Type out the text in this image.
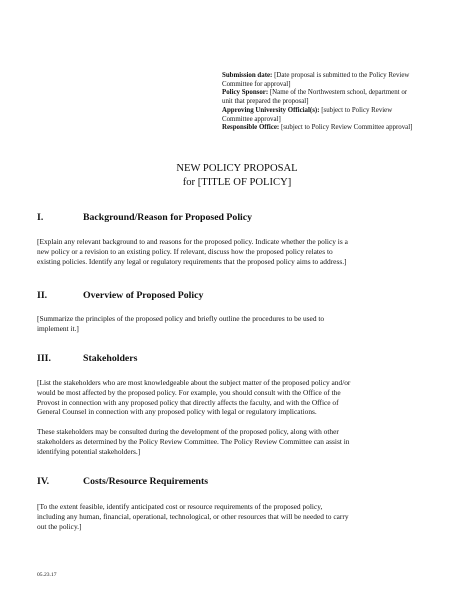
Submission date: [Date proposal is submitted to the Policy Review
Committee for approval]
Policy Sponsor: [Name of the Northwestern school, department or
unit that prepared the proposal]
Approving University Official(s): [subject to Policy Review
Committee approval]
Responsible Office: [subject to Policy Review Committee approval]
NEW POLICY PROPOSAL
for [TITLE OF POLICY]
I.	Background/Reason for Proposed Policy
[Explain any relevant background to and reasons for the proposed policy. Indicate whether the policy is a
new policy or a revision to an existing policy. If relevant, discuss how the proposed policy relates to
existing policies. Identify any legal or regulatory requirements that the proposed policy aims to address.]
II.	Overview of Proposed Policy
[Summarize the principles of the proposed policy and briefly outline the procedures to be used to
implement it.]
III.	Stakeholders
[List the stakeholders who are most knowledgeable about the subject matter of the proposed policy and/or
would be most affected by the proposed policy. For example, you should consult with the Office of the
Provost in connection with any proposed policy that directly affects the faculty, and with the Office of
General Counsel in connection with any proposed policy with legal or regulatory implications.
These stakeholders may be consulted during the development of the proposed policy, along with other
stakeholders as determined by the Policy Review Committee. The Policy Review Committee can assist in
identifying potential stakeholders.]
IV.	Costs/Resource Requirements
[To the extent feasible, identify anticipated cost or resource requirements of the proposed policy,
including any human, financial, operational, technological, or other resources that will be needed to carry
out the policy.]
05.23.17
